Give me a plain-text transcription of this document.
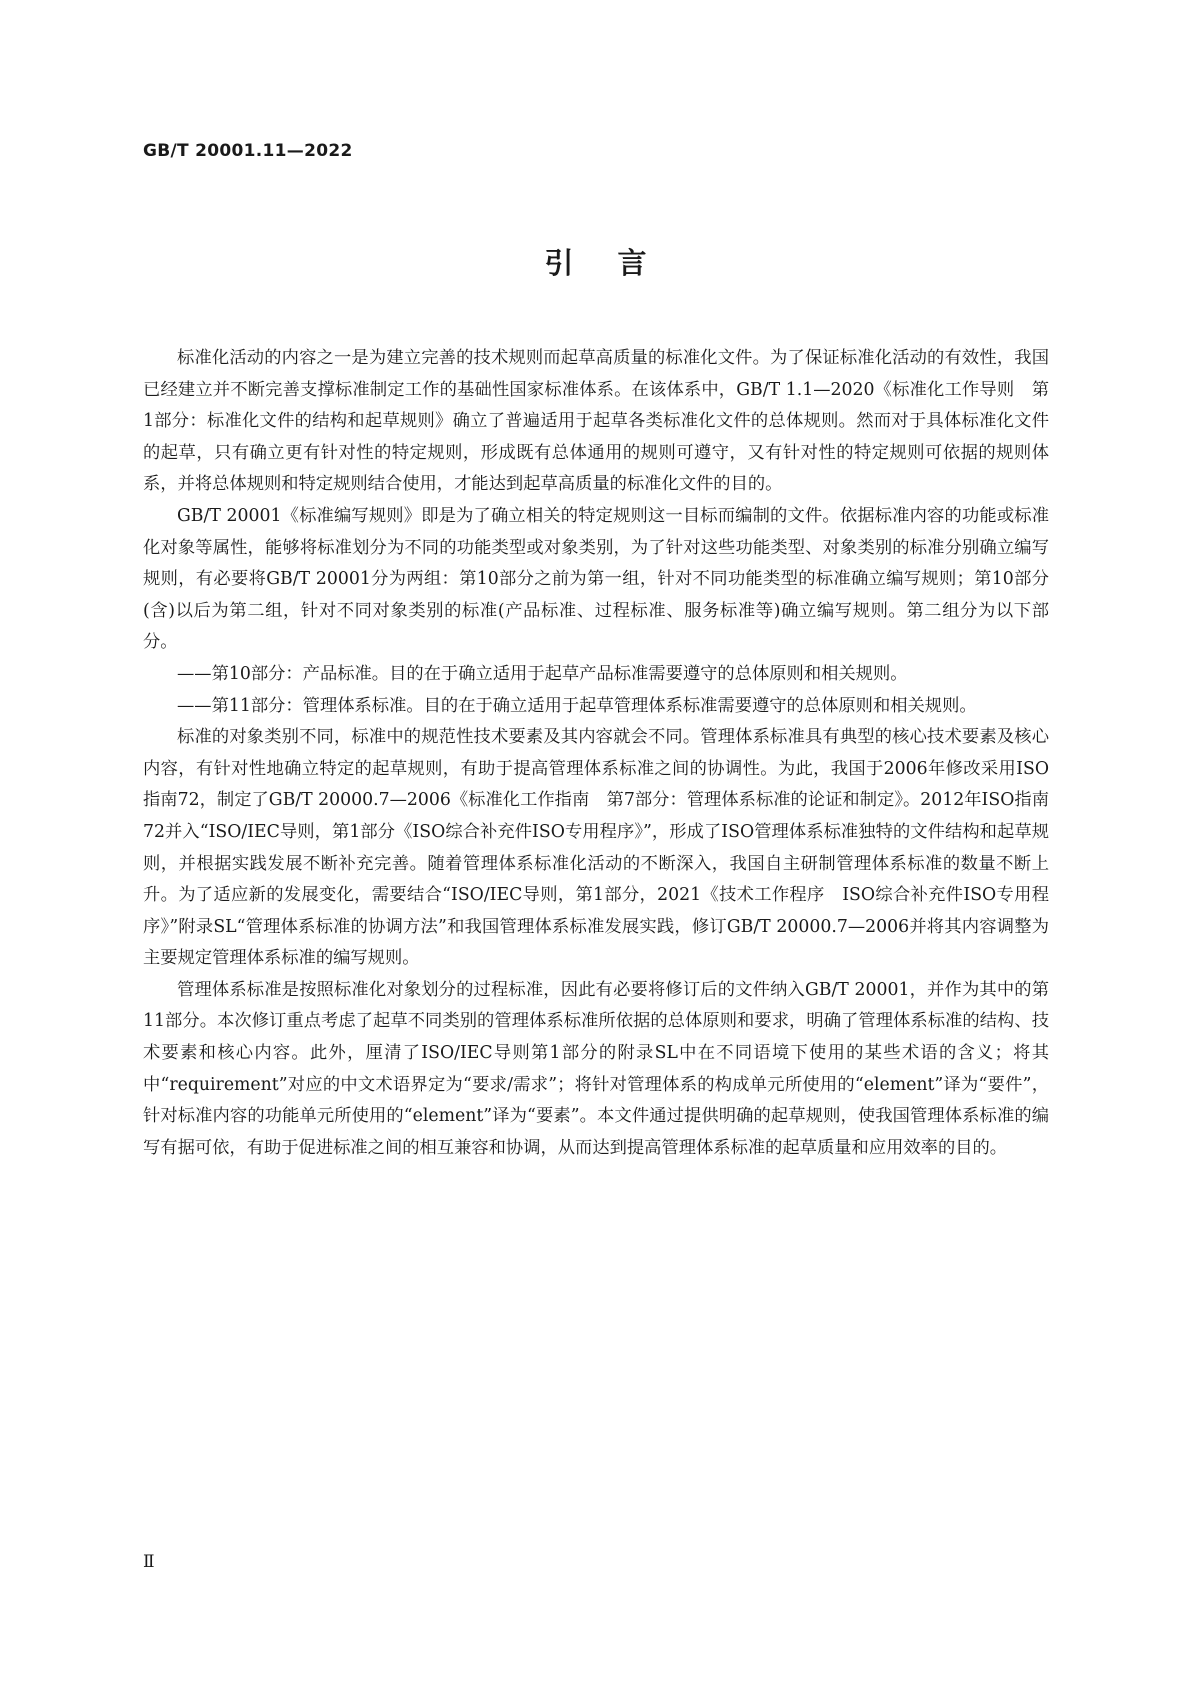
GB/T 20001.11—2022

引言

标准化活动的内容之一是为建立完善的技术规则而起草高质量的标准化文件。为了保证标准化活动的有效性，我国已经建立并不断完善支撑标准制定工作的基础性国家标准体系。在该体系中，GB/T 1.1—2020《标准化工作导则　第1部分：标准化文件的结构和起草规则》确立了普遍适用于起草各类标准化文件的总体规则。然而对于具体标准化文件的起草，只有确立更有针对性的特定规则，形成既有总体通用的规则可遵守，又有针对性的特定规则可依据的规则体系，并将总体规则和特定规则结合使用，才能达到起草高质量的标准化文件的目的。

GB/T 20001《标准编写规则》即是为了确立相关的特定规则这一目标而编制的文件。依据标准内容的功能或标准化对象等属性，能够将标准划分为不同的功能类型或对象类别，为了针对这些功能类型、对象类别的标准分别确立编写规则，有必要将GB/T 20001分为两组：第10部分之前为第一组，针对不同功能类型的标准确立编写规则；第10部分(含)以后为第二组，针对不同对象类别的标准(产品标准、过程标准、服务标准等)确立编写规则。第二组分为以下部分。

——第10部分：产品标准。目的在于确立适用于起草产品标准需要遵守的总体原则和相关规则。

——第11部分：管理体系标准。目的在于确立适用于起草管理体系标准需要遵守的总体原则和相关规则。

标准的对象类别不同，标准中的规范性技术要素及其内容就会不同。管理体系标准具有典型的核心技术要素及核心内容，有针对性地确立特定的起草规则，有助于提高管理体系标准之间的协调性。为此，我国于2006年修改采用ISO指南72，制定了GB/T 20000.7—2006《标准化工作指南　第7部分：管理体系标准的论证和制定》。2012年ISO指南72并入“ISO/IEC导则，第1部分《ISO综合补充件ISO专用程序》”，形成了ISO管理体系标准独特的文件结构和起草规则，并根据实践发展不断补充完善。随着管理体系标准化活动的不断深入，我国自主研制管理体系标准的数量不断上升。为了适应新的发展变化，需要结合“ISO/IEC导则，第1部分，2021《技术工作程序　ISO综合补充件ISO专用程序》”附录SL“管理体系标准的协调方法”和我国管理体系标准发展实践，修订GB/T 20000.7—2006并将其内容调整为主要规定管理体系标准的编写规则。

管理体系标准是按照标准化对象划分的过程标准，因此有必要将修订后的文件纳入GB/T 20001，并作为其中的第11部分。本次修订重点考虑了起草不同类别的管理体系标准所依据的总体原则和要求，明确了管理体系标准的结构、技术要素和核心内容。此外，厘清了ISO/IEC导则第1部分的附录SL中在不同语境下使用的某些术语的含义；将其中“requirement”对应的中文术语界定为“要求/需求”；将针对管理体系的构成单元所使用的“element”译为“要件”，针对标准内容的功能单元所使用的“element”译为“要素”。本文件通过提供明确的起草规则，使我国管理体系标准的编写有据可依，有助于促进标准之间的相互兼容和协调，从而达到提高管理体系标准的起草质量和应用效率的目的。

Ⅱ
